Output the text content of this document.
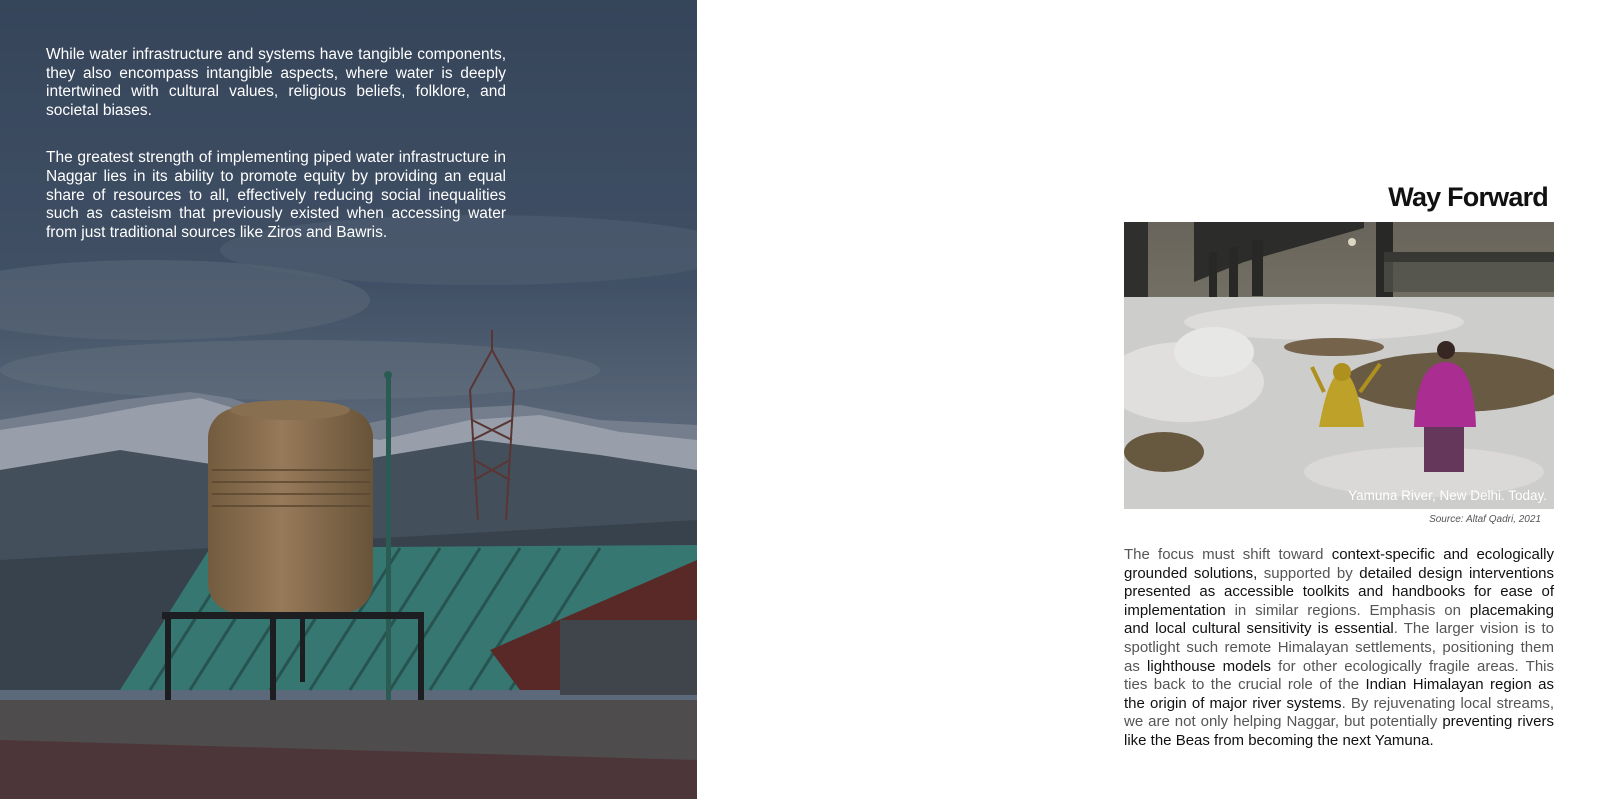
While water infrastructure and systems have tangible components, they also encompass intangible aspects, where water is deeply intertwined with cultural values, religious beliefs, folklore, and societal biases.

The greatest strength of implementing piped water infrastructure in Naggar lies in its ability to promote equity by providing an equal share of resources to all, effectively reducing social inequalities such as casteism that previously existed when accessing water from just traditional sources like Ziros and Bawris.

Way Forward
Yamuna River, New Delhi. Today.
Source: Altaf Qadri, 2021

The focus must shift toward context-specific and ecologically grounded solutions, supported by detailed design interventions presented as accessible toolkits and handbooks for ease of implementation in similar regions. Emphasis on placemaking and local cultural sensitivity is essential. The larger vision is to spotlight such remote Himalayan settlements, positioning them as lighthouse models for other ecologically fragile areas. This ties back to the crucial role of the Indian Himalayan region as the origin of major river systems. By rejuvenating local streams, we are not only helping Naggar, but potentially preventing rivers like the Beas from becoming the next Yamuna.
